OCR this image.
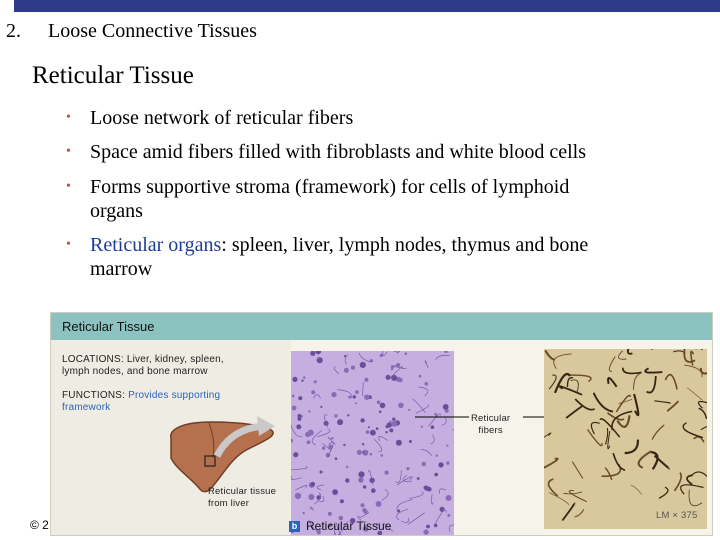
2. Loose Connective Tissues
Reticular Tissue
• Loose network of reticular fibers
• Space amid fibers filled with fibroblasts and white blood cells
• Forms supportive stroma (framework) for cells of lymphoid
organs
• Reticular organs: spleen, liver, lymph nodes, thymus and bone
marrow
Reticular Tissue
LOCATIONS: Liver, kidney, spleen,
lymph nodes, and bone marrow
FUNCTIONS: Provides supporting
framework
Reticular tissue
from liver
Reticular
fibers
b Reticular Tissue
LM × 375
© 2
